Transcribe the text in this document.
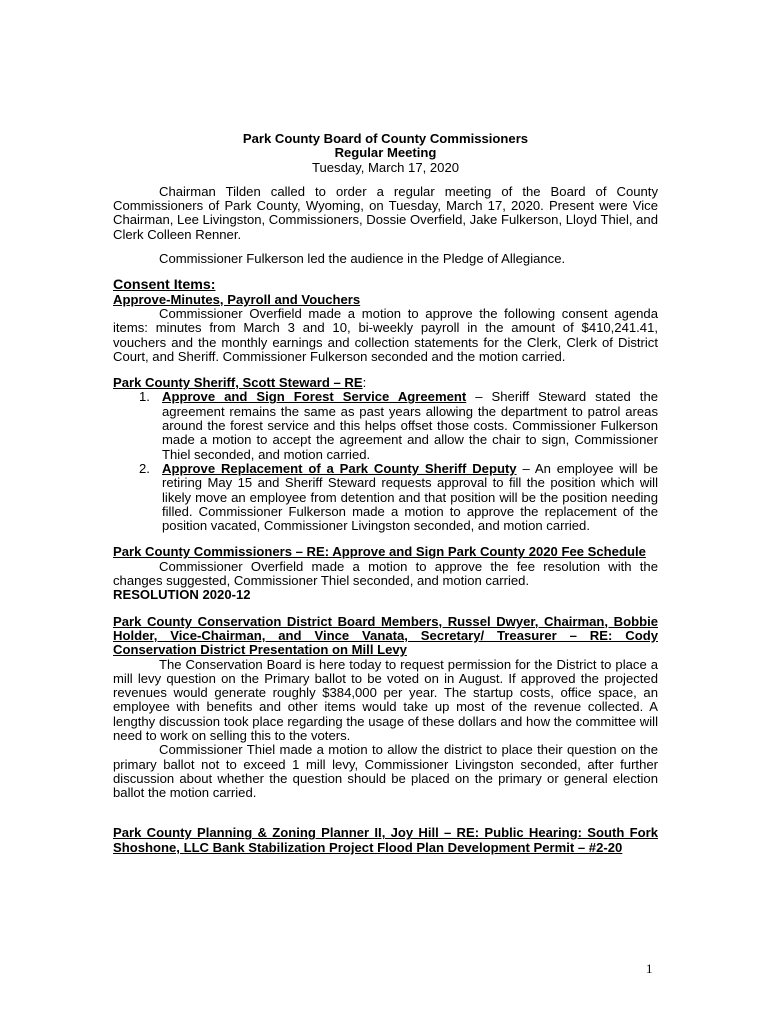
Park County Board of County Commissioners
Regular Meeting
Tuesday, March 17, 2020

Chairman Tilden called to order a regular meeting of the Board of County Commissioners of Park County, Wyoming, on Tuesday, March 17, 2020. Present were Vice Chairman, Lee Livingston, Commissioners, Dossie Overfield, Jake Fulkerson, Lloyd Thiel, and Clerk Colleen Renner.

Commissioner Fulkerson led the audience in the Pledge of Allegiance.

Consent Items:
Approve-Minutes, Payroll and Vouchers

Commissioner Overfield made a motion to approve the following consent agenda items: minutes from March 3 and 10, bi-weekly payroll in the amount of $410,241.41, vouchers and the monthly earnings and collection statements for the Clerk, Clerk of District Court, and Sheriff. Commissioner Fulkerson seconded and the motion carried.

Park County Sheriff, Scott Steward – RE:
1. Approve and Sign Forest Service Agreement – Sheriff Steward stated the agreement remains the same as past years allowing the department to patrol areas around the forest service and this helps offset those costs. Commissioner Fulkerson made a motion to accept the agreement and allow the chair to sign, Commissioner Thiel seconded, and motion carried.
2. Approve Replacement of a Park County Sheriff Deputy – An employee will be retiring May 15 and Sheriff Steward requests approval to fill the position which will likely move an employee from detention and that position will be the position needing filled. Commissioner Fulkerson made a motion to approve the replacement of the position vacated, Commissioner Livingston seconded, and motion carried.
Park County Commissioners – RE: Approve and Sign Park County 2020 Fee Schedule

Commissioner Overfield made a motion to approve the fee resolution with the changes suggested, Commissioner Thiel seconded, and motion carried.

RESOLUTION 2020-12
Park County Conservation District Board Members, Russel Dwyer, Chairman, Bobbie Holder, Vice-Chairman, and Vince Vanata, Secretary/ Treasurer – RE: Cody Conservation District Presentation on Mill Levy

The Conservation Board is here today to request permission for the District to place a mill levy question on the Primary ballot to be voted on in August. If approved the projected revenues would generate roughly $384,000 per year. The startup costs, office space, an employee with benefits and other items would take up most of the revenue collected. A lengthy discussion took place regarding the usage of these dollars and how the committee will need to work on selling this to the voters.

Commissioner Thiel made a motion to allow the district to place their question on the primary ballot not to exceed 1 mill levy, Commissioner Livingston seconded, after further discussion about whether the question should be placed on the primary or general election ballot the motion carried.

Park County Planning & Zoning Planner II, Joy Hill – RE: Public Hearing: South Fork Shoshone, LLC Bank Stabilization Project Flood Plan Development Permit – #2-20
1
